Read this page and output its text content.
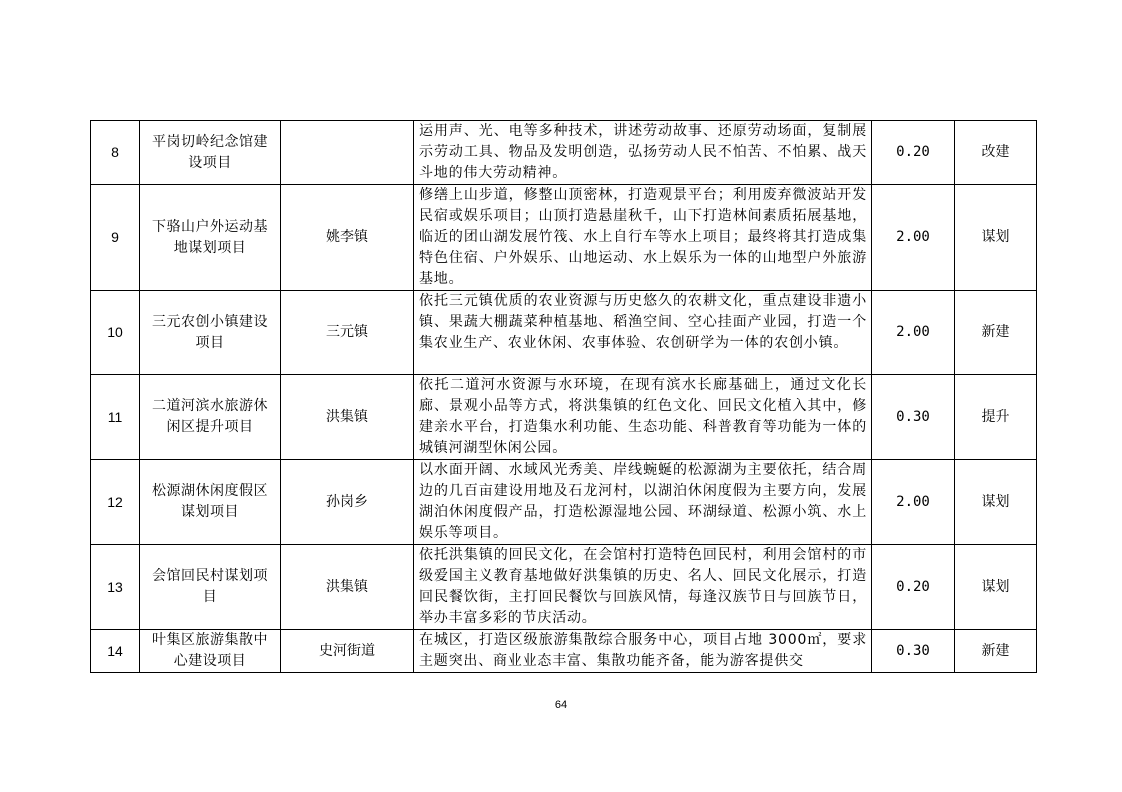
8	平岗切岭纪念馆建设项目		运用声、光、电等多种技术，讲述劳动故事、还原劳动场面，复制展示劳动工具、物品及发明创造，弘扬劳动人民不怕苦、不怕累、战天斗地的伟大劳动精神。	0.20	改建
9	下骆山户外运动基地谋划项目	姚李镇	修缮上山步道，修整山顶密林，打造观景平台；利用废弃微波站开发民宿或娱乐项目；山顶打造悬崖秋千，山下打造林间素质拓展基地，临近的团山湖发展竹筏、水上自行车等水上项目；最终将其打造成集特色住宿、户外娱乐、山地运动、水上娱乐为一体的山地型户外旅游基地。	2.00	谋划
10	三元农创小镇建设项目	三元镇	依托三元镇优质的农业资源与历史悠久的农耕文化，重点建设非遗小镇、果蔬大棚蔬菜种植基地、稻渔空间、空心挂面产业园，打造一个集农业生产、农业休闲、农事体验、农创研学为一体的农创小镇。	2.00	新建
11	二道河滨水旅游休闲区提升项目	洪集镇	依托二道河水资源与水环境，在现有滨水长廊基础上，通过文化长廊、景观小品等方式，将洪集镇的红色文化、回民文化植入其中，修建亲水平台，打造集水利功能、生态功能、科普教育等功能为一体的城镇河湖型休闲公园。	0.30	提升
12	松源湖休闲度假区谋划项目	孙岗乡	以水面开阔、水域风光秀美、岸线蜿蜒的松源湖为主要依托，结合周边的几百亩建设用地及石龙河村，以湖泊休闲度假为主要方向，发展湖泊休闲度假产品，打造松源湿地公园、环湖绿道、松源小筑、水上娱乐等项目。	2.00	谋划
13	会馆回民村谋划项目	洪集镇	依托洪集镇的回民文化，在会馆村打造特色回民村，利用会馆村的市级爱国主义教育基地做好洪集镇的历史、名人、回民文化展示，打造回民餐饮街，主打回民餐饮与回族风情，每逢汉族节日与回族节日，举办丰富多彩的节庆活动。	0.20	谋划
14	叶集区旅游集散中心建设项目	史河街道	在城区，打造区级旅游集散综合服务中心，项目占地 3000㎡，要求主题突出、商业业态丰富、集散功能齐备，能为游客提供交	0.30	新建
64
